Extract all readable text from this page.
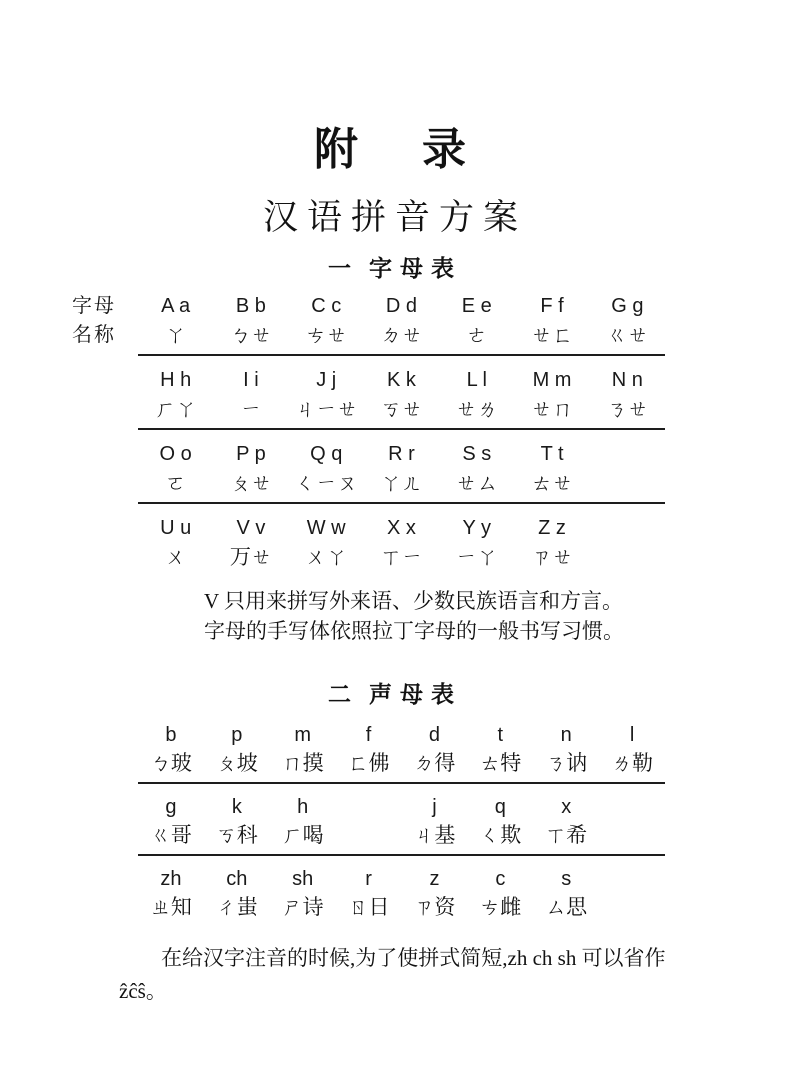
附　录
汉语拼音方案
一 字母表
字母
名称
A a	B b	C c	D d	E e	F f	G g
ㄚ	ㄅㄝ	ㄘㄝ	ㄉㄝ	ㄜ	ㄝㄈ	ㄍㄝ
H h	I i	J j	K k	L l	M m	N n
ㄏㄚ	ㄧ	ㄐㄧㄝ	ㄎㄝ	ㄝㄌ	ㄝㄇ	ㄋㄝ
O o	P p	Q q	R r	S s	T t
ㄛ	ㄆㄝ	ㄑㄧㄡ	ㄚㄦ	ㄝㄙ	ㄊㄝ
U u	V v	W w	X x	Y y	Z z
ㄨ	ㄪㄝ	ㄨㄚ	ㄒㄧ	ㄧㄚ	ㄗㄝ
V 只用来拼写外来语、少数民族语言和方言。
字母的手写体依照拉丁字母的一般书写习惯。
二 声母表
b	p	m	f	d	t	n	l
ㄅ玻	ㄆ坡	ㄇ摸	ㄈ佛	ㄉ得	ㄊ特	ㄋ讷	ㄌ勒
g	k	h	j	q	x
ㄍ哥	ㄎ科	ㄏ喝	ㄐ基	ㄑ欺	ㄒ希
zh	ch	sh	r	z	c	s
ㄓ知	ㄔ蚩	ㄕ诗	ㄖ日	ㄗ资	ㄘ雌	ㄙ思
在给汉字注音的时候,为了使拼式简短,zh ch sh 可以省作
ẑĉŝ。
